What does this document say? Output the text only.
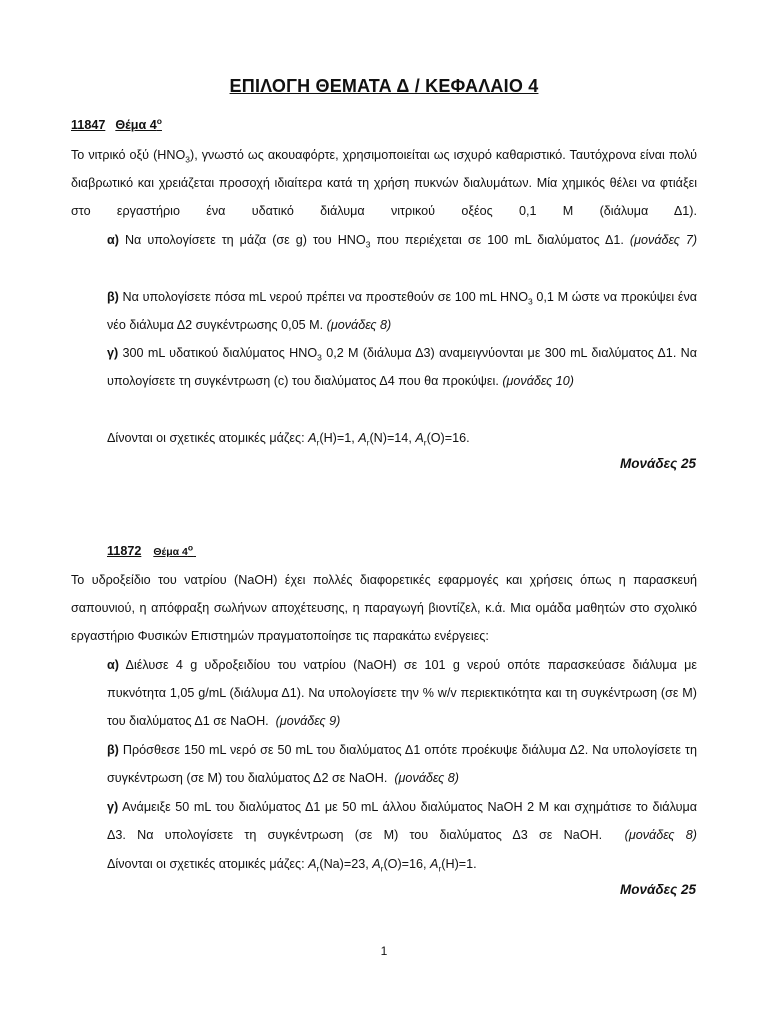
ΕΠΙΛΟΓΗ ΘΕΜΑΤΑ Δ / ΚΕΦΑΛΑΙΟ 4
11847 Θέμα $4^o$
Το νιτρικό οξύ $(HNO_3)$, γνωστό ως ακουαφόρτε, χρησιμοποιείται ως ισχυρό καθαριστικό. Ταυτόχρονα είναι πολύ διαβρωτικό και χρειάζεται προσοχή ιδιαίτερα κατά τη χρήση πυκνών διαλυμάτων. Μία χημικός θέλει να φτιάξει στο εργαστήριο ένα υδατικό διάλυμα νιτρικού οξέος 0,1 M (διάλυμα Δ1).
α) Να υπολογίσετε τη μάζα (σε g) του $HNO_3$ που περιέχεται σε 100 mL διαλύματος Δ1. (μονάδες 7)
β) Να υπολογίσετε πόσα mL νερού πρέπει να προστεθούν σε 100 mL $HNO_3$ 0,1 M ώστε να προκύψει ένα νέο διάλυμα Δ2 συγκέντρωσης 0,05 M. (μονάδες 8)
γ) 300 mL υδατικού διαλύματος $HNO_3$ 0,2 M (διάλυμα Δ3) αναμειγνύονται με 300 mL διαλύματος Δ1. Να υπολογίσετε τη συγκέντρωση (c) του διαλύματος Δ4 που θα προκύψει. (μονάδες 10)
Δίνονται οι σχετικές ατομικές μάζες: $A_r(H)=1$, $A_r(N)=14$, $A_r(O)=16$.
Μονάδες 25
11872 Θέμα $4^o$
Το υδροξείδιο του νατρίου (NaOH) έχει πολλές διαφορετικές εφαρμογές και χρήσεις όπως η παρασκευή σαπουνιού, η απόφραξη σωλήνων αποχέτευσης, η παραγωγή βιοντίζελ, κ.ά. Μια ομάδα μαθητών στο σχολικό εργαστήριο Φυσικών Επιστημών πραγματοποίησε τις παρακάτω ενέργειες:
α) Διέλυσε 4 g υδροξειδίου του νατρίου (NaOH) σε 101 g νερού οπότε παρασκεύασε διάλυμα με πυκνότητα 1,05 g/mL (διάλυμα Δ1). Να υπολογίσετε την % w/v περιεκτικότητα και τη συγκέντρωση (σε M) του διαλύματος Δ1 σε NaOH. (μονάδες 9)
β) Πρόσθεσε 150 mL νερό σε 50 mL του διαλύματος Δ1 οπότε προέκυψε διάλυμα Δ2. Να υπολογίσετε τη συγκέντρωση (σε M) του διαλύματος Δ2 σε NaOH. (μονάδες 8)
γ) Ανάμειξε 50 mL του διαλύματος Δ1 με 50 mL άλλου διαλύματος NaOH 2 M και σχημάτισε το διάλυμα Δ3. Να υπολογίσετε τη συγκέντρωση (σε M) του διαλύματος Δ3 σε NaOH. (μονάδες 8)
Δίνονται οι σχετικές ατομικές μάζες: $A_r(Na)=23$, $A_r(O)=16$, $A_r(H)=1$.
Μονάδες 25
1
